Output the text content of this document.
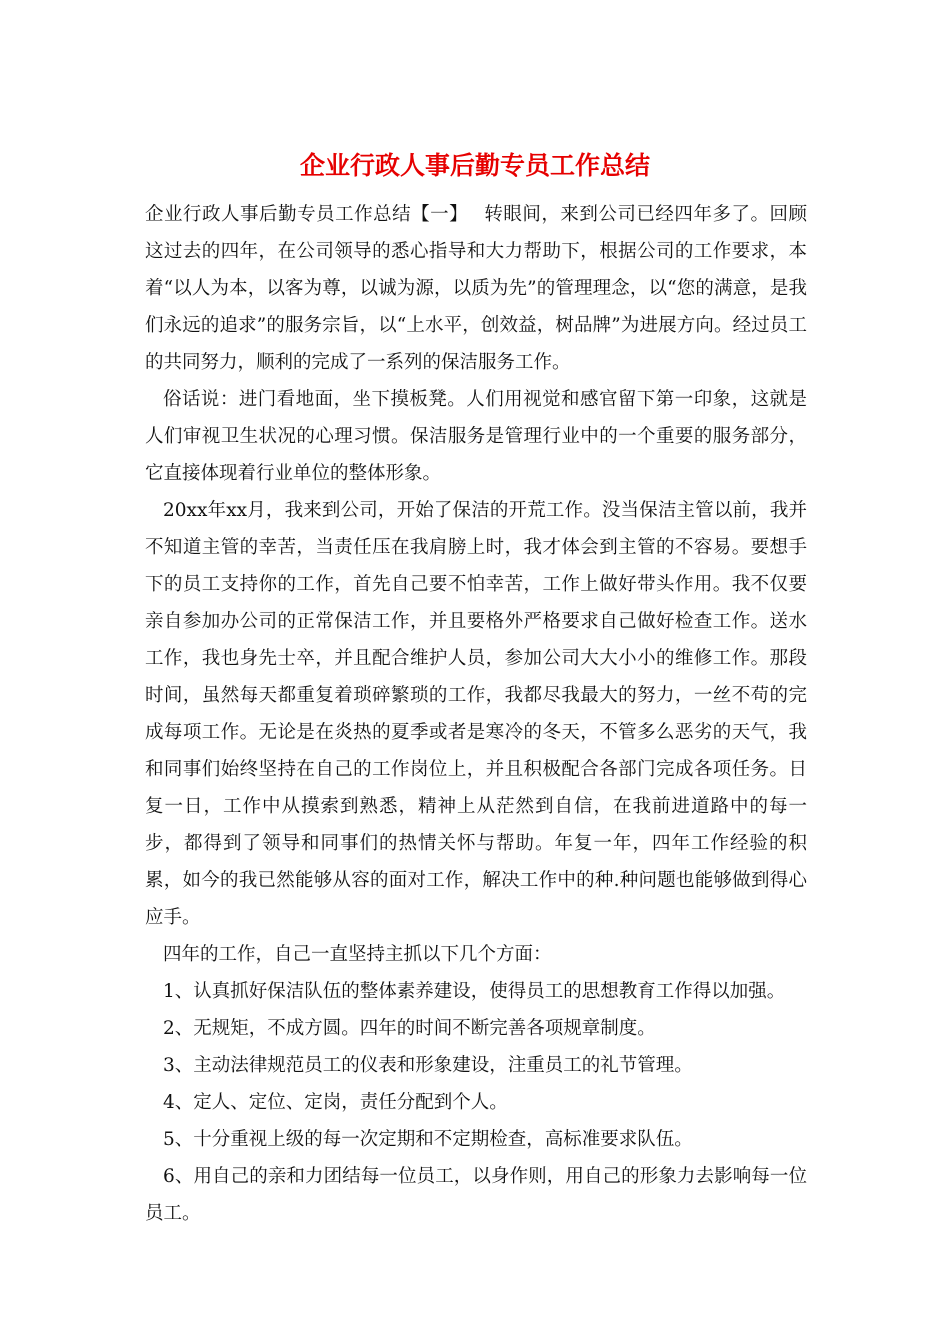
企业行政人事后勤专员工作总结

企业行政人事后勤专员工作总结【一】　 转眼间，来到公司已经四年多了。回顾这过去的四年，在公司领导的悉心指导和大力帮助下，根据公司的工作要求，本着“以人为本，以客为尊，以诚为源，以质为先”的管理理念，以“您的满意，是我们永远的追求”的服务宗旨，以“上水平，创效益，树品牌”为进展方向。经过员工的共同努力，顺利的完成了一系列的保洁服务工作。

俗话说：进门看地面，坐下摸板凳。人们用视觉和感官留下第一印象，这就是人们审视卫生状况的心理习惯。保洁服务是管理行业中的一个重要的服务部分，它直接体现着行业单位的整体形象。

20xx年xx月，我来到公司，开始了保洁的开荒工作。没当保洁主管以前，我并不知道主管的幸苦，当责任压在我肩膀上时，我才体会到主管的不容易。要想手下的员工支持你的工作，首先自己要不怕幸苦，工作上做好带头作用。我不仅要亲自参加办公司的正常保洁工作，并且要格外严格要求自己做好检查工作。送水工作，我也身先士卒，并且配合维护人员，参加公司大大小小的维修工作。那段时间，虽然每天都重复着琐碎繁琐的工作，我都尽我最大的努力，一丝不苟的完成每项工作。无论是在炎热的夏季或者是寒冷的冬天，不管多么恶劣的天气，我和同事们始终坚持在自己的工作岗位上，并且积极配合各部门完成各项任务。日复一日，工作中从摸索到熟悉，精神上从茫然到自信，在我前进道路中的每一步，都得到了领导和同事们的热情关怀与帮助。年复一年，四年工作经验的积累，如今的我已然能够从容的面对工作，解决工作中的种.种问题也能够做到得心应手。

四年的工作，自己一直坚持主抓以下几个方面：

1、认真抓好保洁队伍的整体素养建设，使得员工的思想教育工作得以加强。

2、无规矩，不成方圆。四年的时间不断完善各项规章制度。

3、主动法律规范员工的仪表和形象建设，注重员工的礼节管理。

4、定人、定位、定岗，责任分配到个人。

5、十分重视上级的每一次定期和不定期检查，高标准要求队伍。

6、用自己的亲和力团结每一位员工，以身作则，用自己的形象力去影响每一位员工。
